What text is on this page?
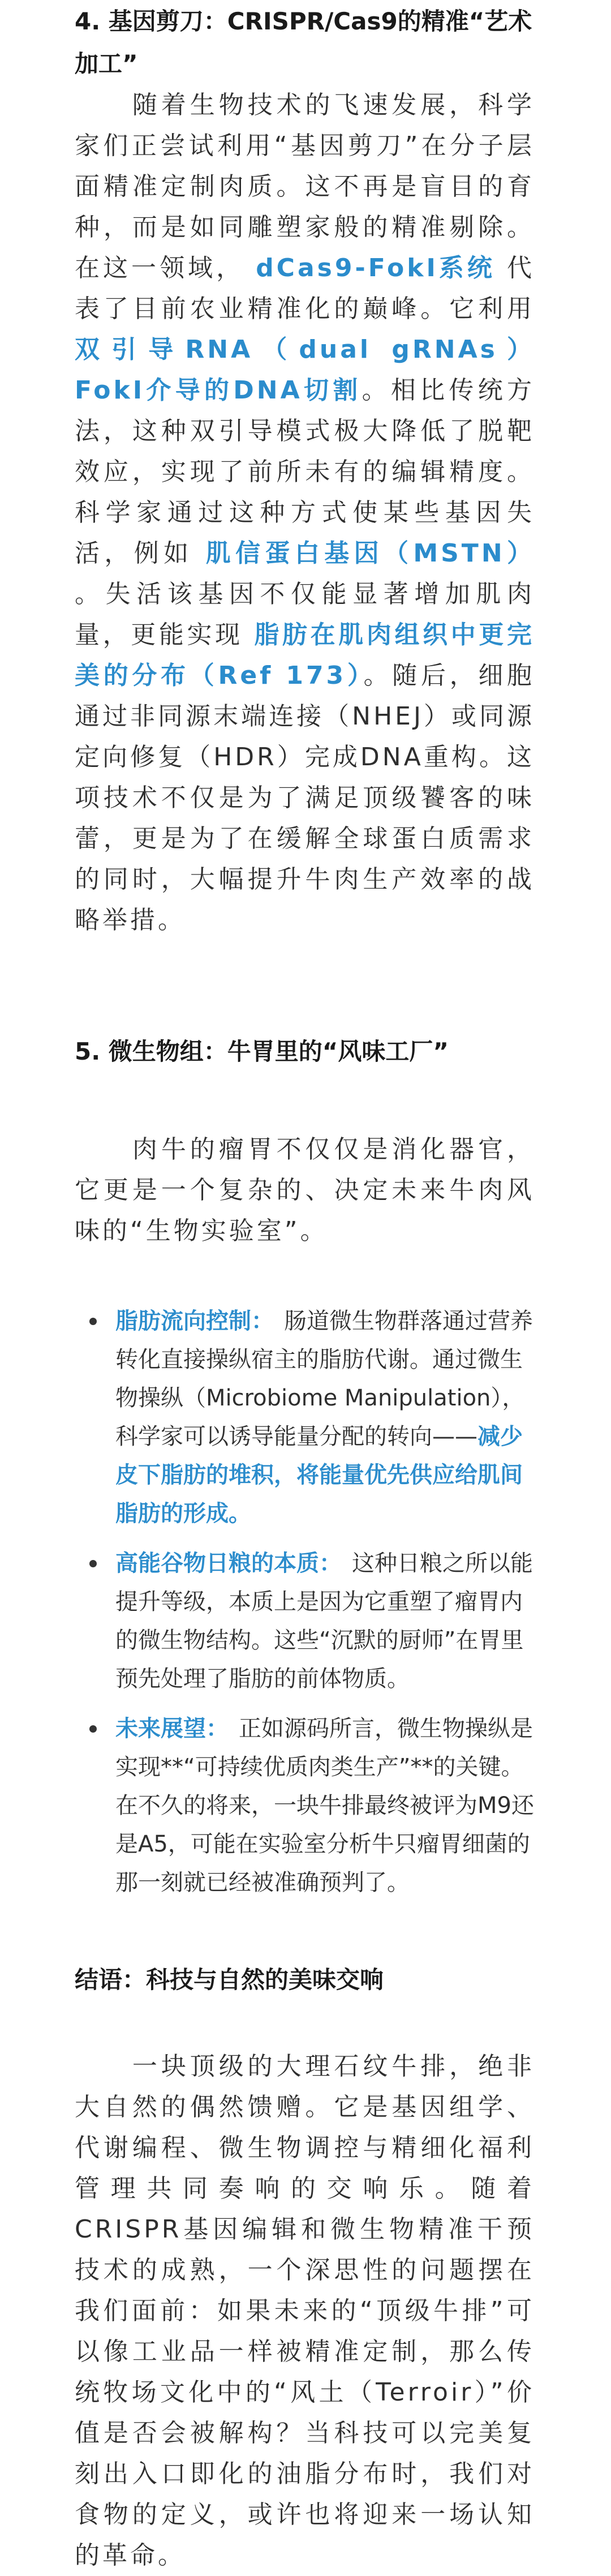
4. 基因剪刀：CRISPR/Cas9的精准“艺术加工”

随着生物技术的飞速发展，科学家们正尝试利用“基因剪刀”在分子层面精准定制肉质。这不再是盲目的育种，而是如同雕塑家般的精准剔除。在这一领域， dCas9-FokI系统 代表了目前农业精准化的巅峰。它利用 双引导RNA（dual gRNAs）FokI介导的DNA切割。相比传统方法，这种双引导模式极大降低了脱靶效应，实现了前所未有的编辑精度。科学家通过这种方式使某些基因失活，例如 肌信蛋白基因（MSTN） 。失活该基因不仅能显著增加肌肉量，更能实现 脂肪在肌肉组织中更完美的分布（Ref 173）。随后，细胞通过非同源末端连接（NHEJ）或同源定向修复（HDR）完成DNA重构。这项技术不仅是为了满足顶级饕客的味蕾，更是为了在缓解全球蛋白质需求的同时，大幅提升牛肉生产效率的战略举措。

5. 微生物组：牛胃里的“风味工厂”

肉牛的瘤胃不仅仅是消化器官，它更是一个复杂的、决定未来牛肉风味的“生物实验室”。

脂肪流向控制： 肠道微生物群落通过营养转化直接操纵宿主的脂肪代谢。通过微生物操纵（Microbiome Manipulation），科学家可以诱导能量分配的转向——减少皮下脂肪的堆积，将能量优先供应给肌间脂肪的形成。
高能谷物日粮的本质： 这种日粮之所以能提升等级，本质上是因为它重塑了瘤胃内的微生物结构。这些“沉默的厨师”在胃里预先处理了脂肪的前体物质。
未来展望： 正如源码所言，微生物操纵是实现**“可持续优质肉类生产”**的关键。在不久的将来，一块牛排最终被评为M9还是A5，可能在实验室分析牛只瘤胃细菌的那一刻就已经被准确预判了。
结语：科技与自然的美味交响

一块顶级的大理石纹牛排，绝非大自然的偶然馈赠。它是基因组学、代谢编程、微生物调控与精细化福利管理共同奏响的交响乐。随着CRISPR基因编辑和微生物精准干预技术的成熟，一个深思性的问题摆在我们面前：如果未来的“顶级牛排”可以像工业品一样被精准定制，那么传统牧场文化中的“风土（Terroir）”价值是否会被解构？当科技可以完美复刻出入口即化的油脂分布时，我们对食物的定义，或许也将迎来一场认知的革命。
